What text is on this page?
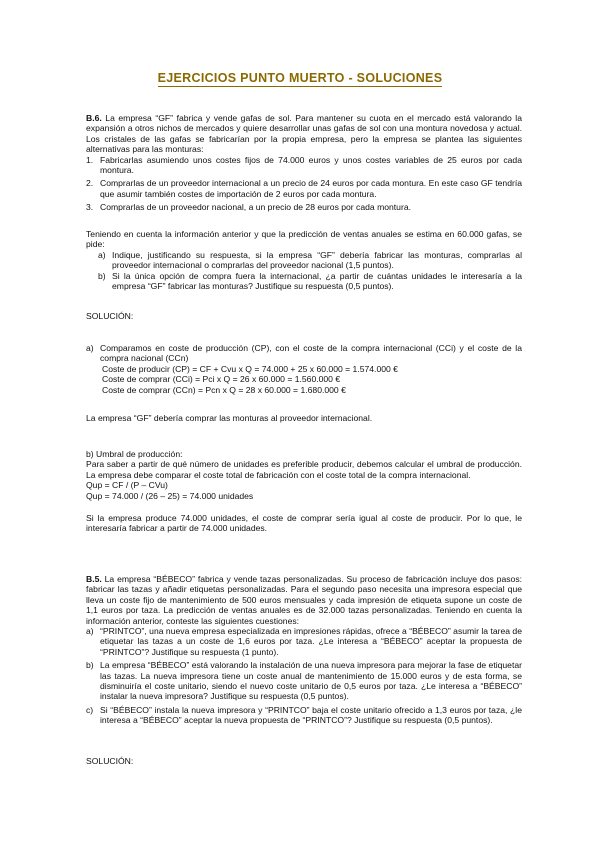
EJERCICIOS PUNTO MUERTO - SOLUCIONES

B.6. La empresa “GF” fabrica y vende gafas de sol. Para mantener su cuota en el mercado está valorando la expansión a otros nichos de mercados y quiere desarrollar unas gafas de sol con una montura novedosa y actual. Los cristales de las gafas se fabricarían por la propia empresa, pero la empresa se plantea las siguientes alternativas para las monturas:

1. Fabricarlas asumiendo unos costes fijos de 74.000 euros y unos costes variables de 25 euros por cada montura.
2. Comprarlas de un proveedor internacional a un precio de 24 euros por cada montura. En este caso GF tendría que asumir también costes de importación de 2 euros por cada montura.
3. Comprarlas de un proveedor nacional, a un precio de 28 euros por cada montura.

Teniendo en cuenta la información anterior y que la predicción de ventas anuales se estima en 60.000 gafas, se pide:

a) Indique, justificando su respuesta, si la empresa “GF” debería fabricar las monturas, comprarlas al proveedor internacional o comprarlas del proveedor nacional (1,5 puntos).
b) Si la única opción de compra fuera la internacional, ¿a partir de cuántas unidades le interesaría a la empresa “GF” fabricar las monturas? Justifique su respuesta (0,5 puntos).
SOLUCIÓN:
a) Comparamos en coste de producción (CP), con el coste de la compra internacional (CCi) y el coste de la compra nacional (CCn)
Coste de producir (CP) = CF + Cvu x Q = 74.000 + 25 x 60.000 = 1.574.000 €
Coste de comprar (CCi) = Pci x Q = 26 x 60.000 = 1.560.000 €
Coste de comprar (CCn) = Pcn x Q = 28 x 60.000 = 1.680.000 €
La empresa “GF” debería comprar las monturas al proveedor internacional.
b) Umbral de producción:

Para saber a partir de qué número de unidades es preferible producir, debemos calcular el umbral de producción. La empresa debe comparar el coste total de fabricación con el coste total de la compra internacional.

Qup = CF / (P – CVu)
Qup = 74.000 / (26 – 25) = 74.000 unidades

Si la empresa produce 74.000 unidades, el coste de comprar sería igual al coste de producir. Por lo que, le interesaría fabricar a partir de 74.000 unidades.

B.5. La empresa “BÉBECO” fabrica y vende tazas personalizadas. Su proceso de fabricación incluye dos pasos: fabricar las tazas y añadir etiquetas personalizadas. Para el segundo paso necesita una impresora especial que lleva un coste fijo de mantenimiento de 500 euros mensuales y cada impresión de etiqueta supone un coste de 1,1 euros por taza. La predicción de ventas anuales es de 32.000 tazas personalizadas. Teniendo en cuenta la información anterior, conteste las siguientes cuestiones:

a) “PRINTCO”, una nueva empresa especializada en impresiones rápidas, ofrece a “BÉBECO” asumir la tarea de etiquetar las tazas a un coste de 1,6 euros por taza. ¿Le interesa a “BÉBECO” aceptar la propuesta de “PRINTCO”? Justifique su respuesta (1 punto).
b) La empresa “BÉBECO” está valorando la instalación de una nueva impresora para mejorar la fase de etiquetar las tazas. La nueva impresora tiene un coste anual de mantenimiento de 15.000 euros y de esta forma, se disminuiría el coste unitario, siendo el nuevo coste unitario de 0,5 euros por taza. ¿Le interesa a “BÉBECO” instalar la nueva impresora? Justifique su respuesta (0,5 puntos).
c) Si “BÉBECO” instala la nueva impresora y “PRINTCO” baja el coste unitario ofrecido a 1,3 euros por taza, ¿le interesa a “BÉBECO” aceptar la nueva propuesta de “PRINTCO”? Justifique su respuesta (0,5 puntos).
SOLUCIÓN:
